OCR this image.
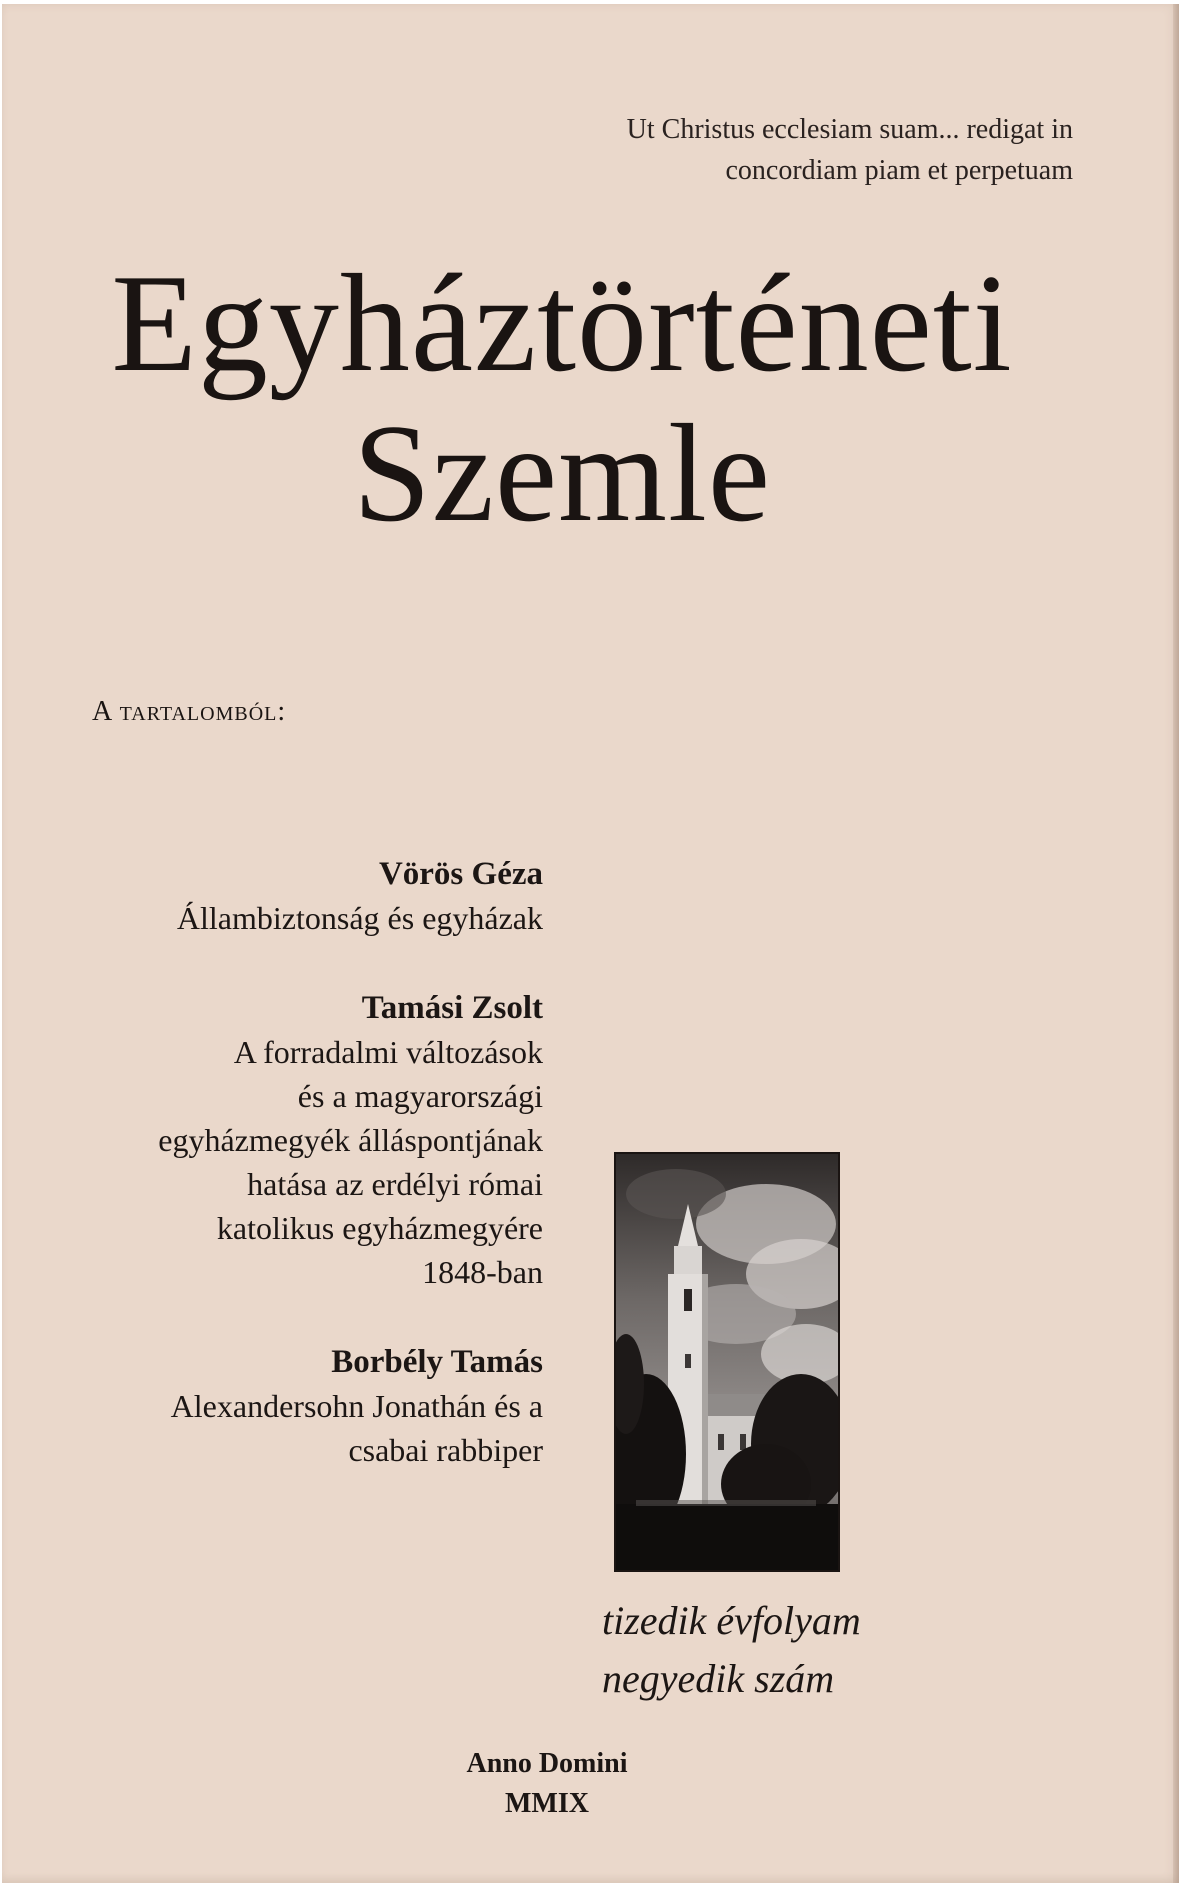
Ut Christus ecclesiam suam... redigat in
concordiam piam et perpetuam
Egyháztörténeti
Szemle
A tartalomból:
Vörös Géza
Állambiztonság és egyházak
Tamási Zsolt
A forradalmi változások
és a magyarországi
egyházmegyék álláspontjának
hatása az erdélyi római
katolikus egyházmegyére
1848-ban
Borbély Tamás
Alexandersohn Jonathán és a
csabai rabbiper
tizedik évfolyam
negyedik szám
Anno Domini
MMIX
